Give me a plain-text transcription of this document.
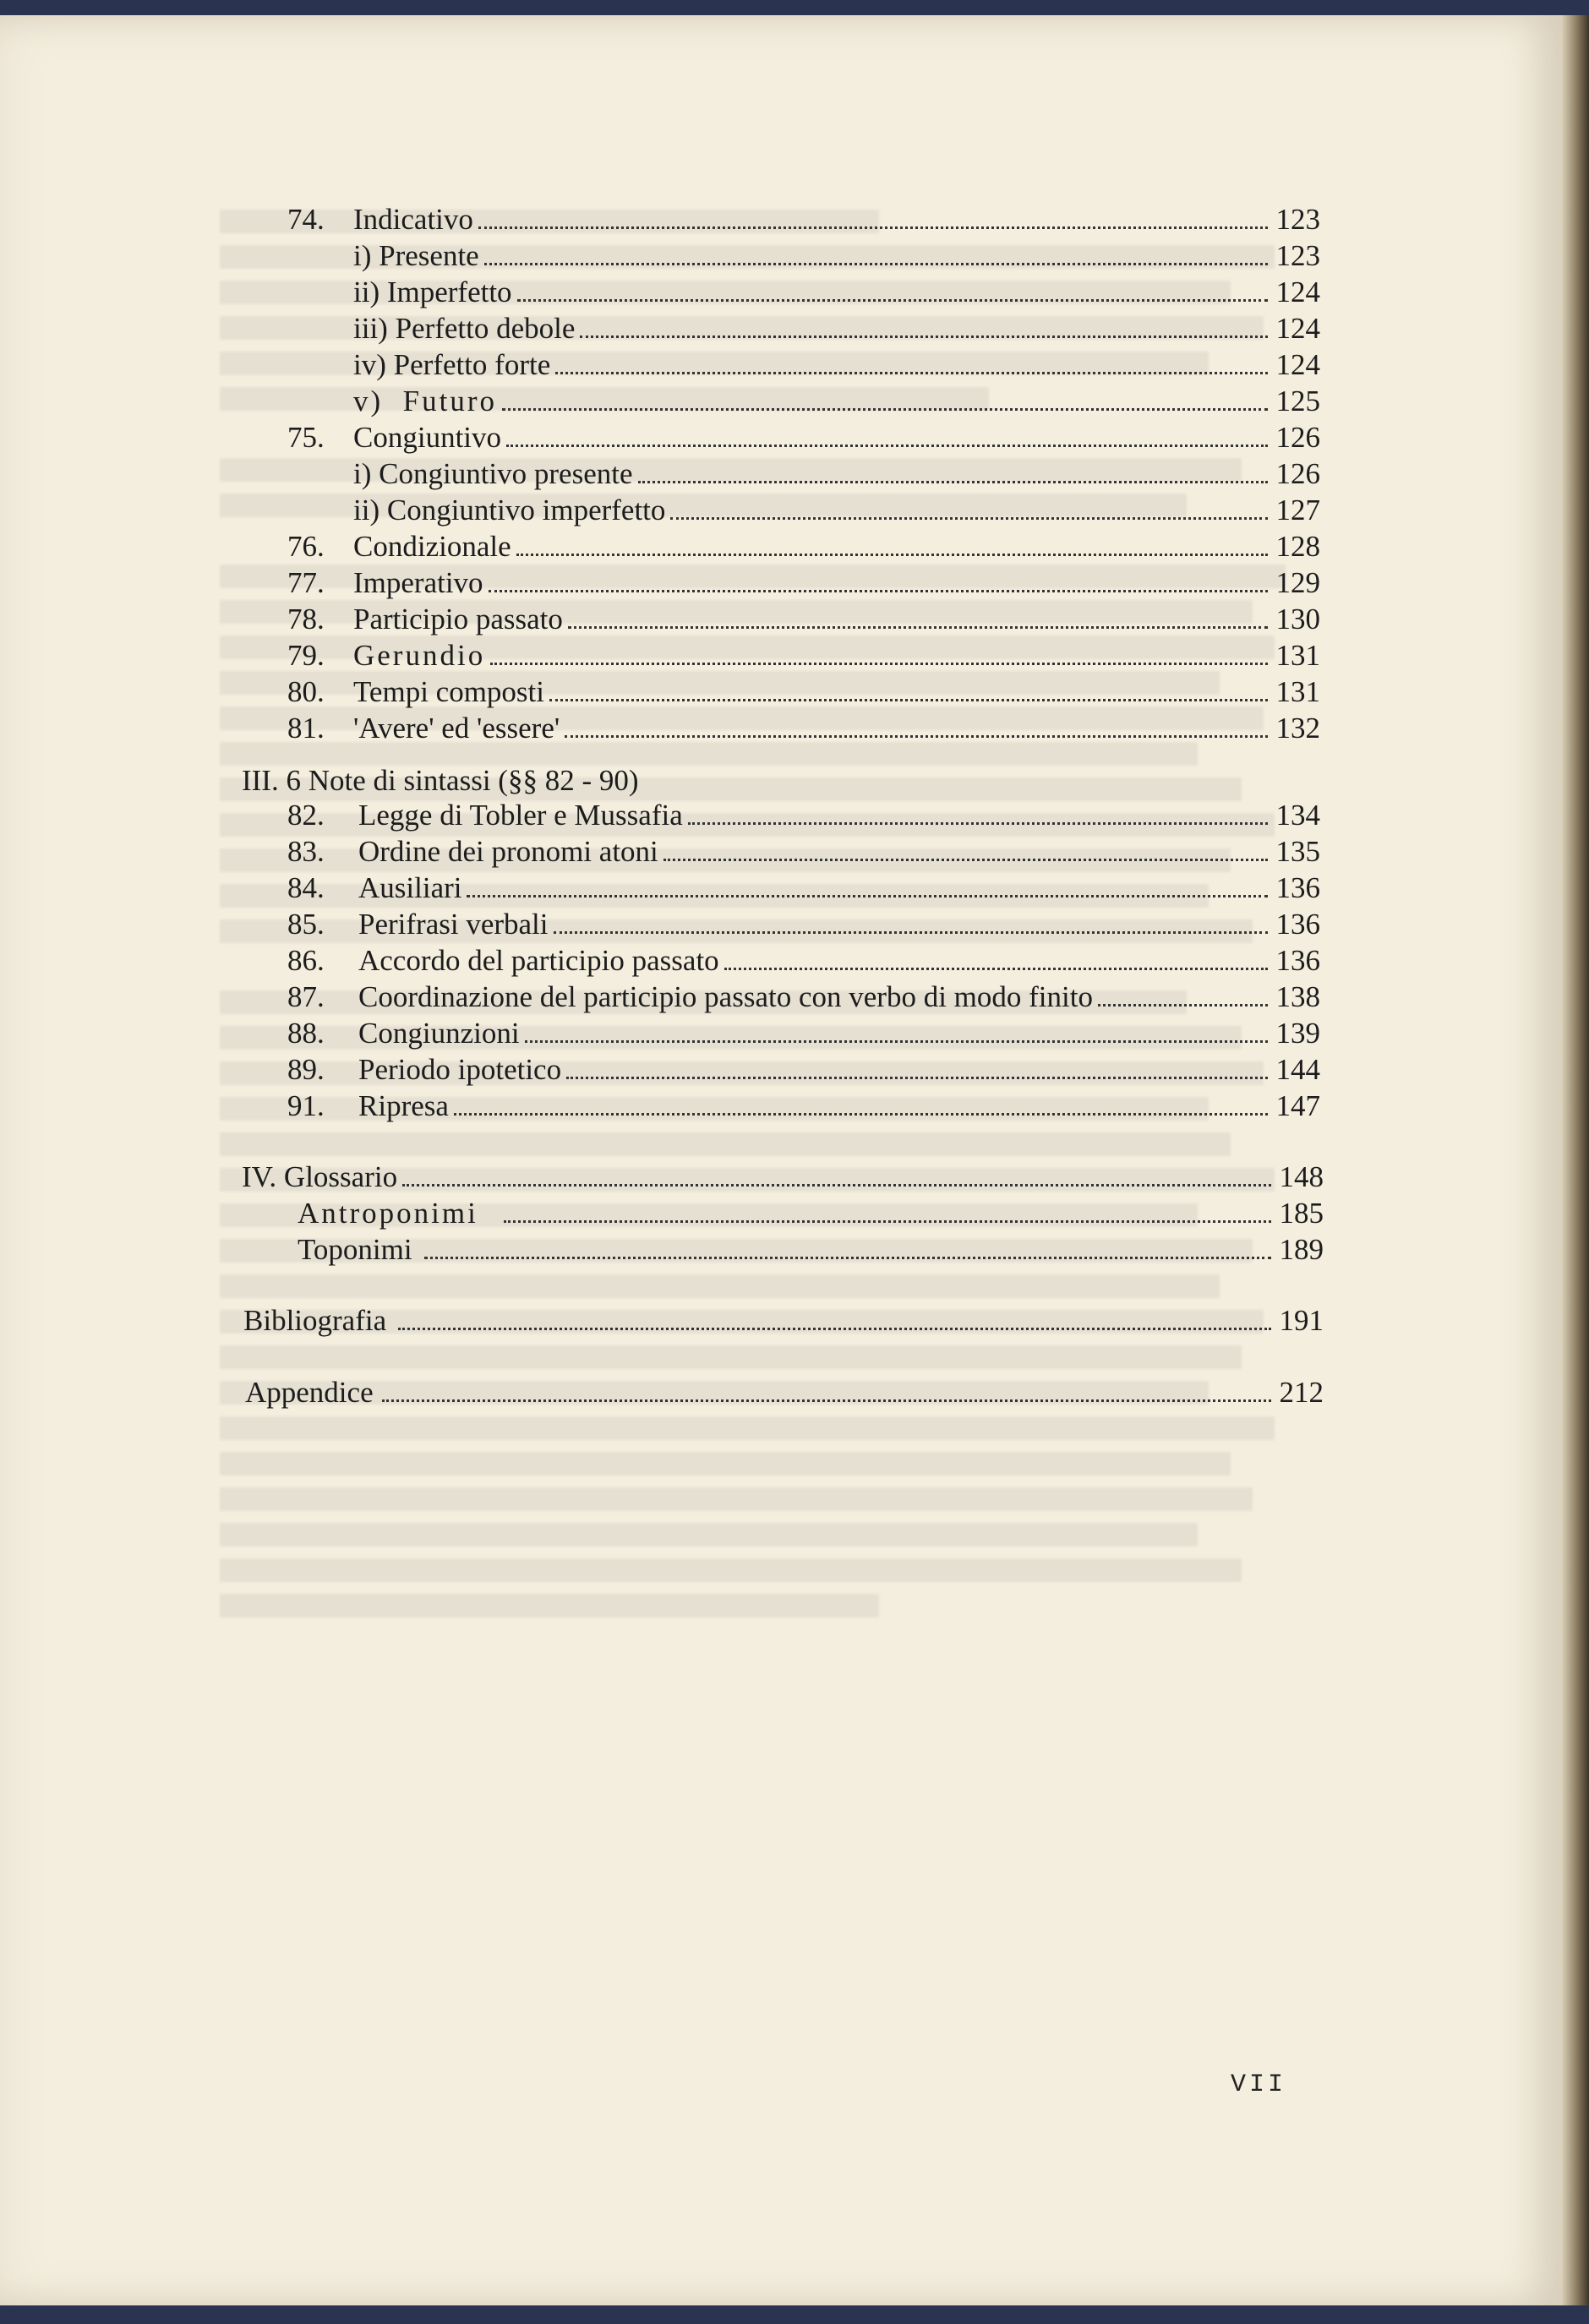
74. Indicativo	123
i) Presente	123
ii) Imperfetto	124
iii) Perfetto debole	124
iv) Perfetto forte	124
v)  Futuro	125
75. Congiuntivo	126
i) Congiuntivo presente	126
ii) Congiuntivo imperfetto	127
76. Condizionale	128
77. Imperativo	129
78. Participio passato	130
79. Gerundio	131
80. Tempi composti	131
81. 'Avere' ed 'essere'	132
III. 6 Note di sintassi (§§ 82 - 90)
82.	Legge di Tobler e Mussafia	134
83.	Ordine dei pronomi atoni	135
84.	Ausiliari	136
85.	Perifrasi verbali	136
86.	Accordo del participio passato	136
87.	Coordinazione del participio passato con verbo di modo finito	138
88.	Congiunzioni	139
89.	Periodo ipotetico	144
91.	Ripresa	147
IV. Glossario	148
Antroponimi	185
Toponimi	189
Bibliografia	191
Appendice	212
VII
